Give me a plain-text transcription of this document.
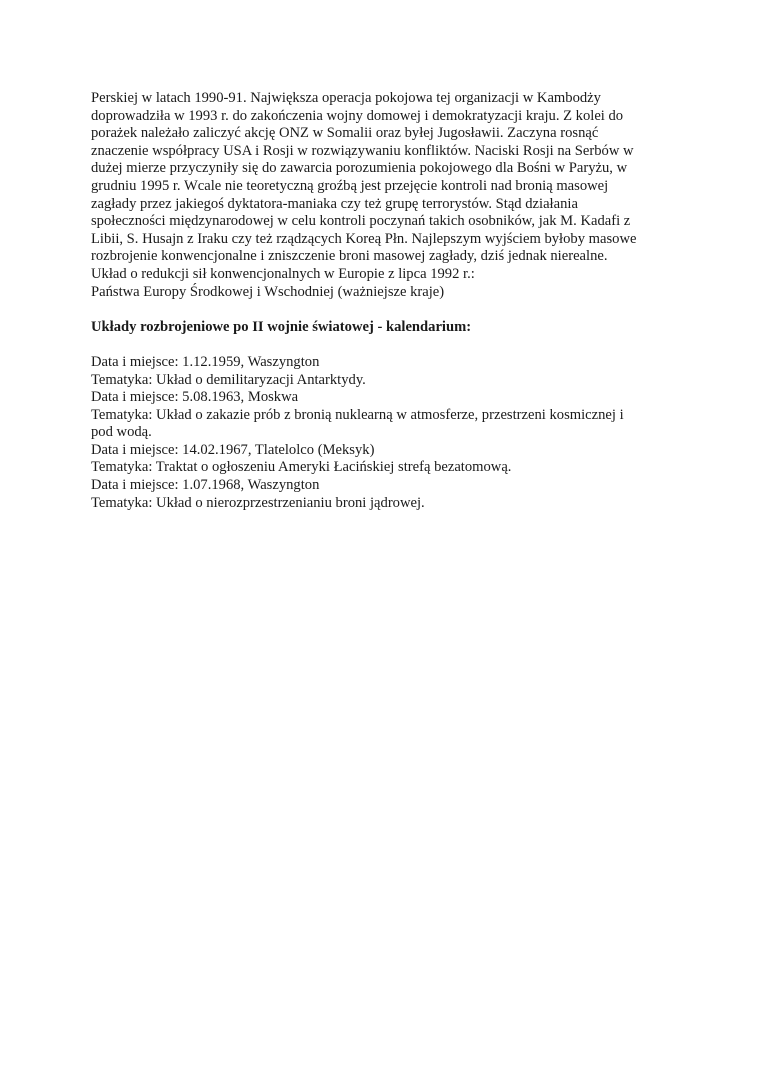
Perskiej w latach 1990-91. Największa operacja pokojowa tej organizacji w Kambodży
doprowadziła w 1993 r. do zakończenia wojny domowej i demokratyzacji kraju. Z kolei do
porażek należało zaliczyć akcję ONZ w Somalii oraz byłej Jugosławii. Zaczyna rosnąć
znaczenie współpracy USA i Rosji w rozwiązywaniu konfliktów. Naciski Rosji na Serbów w
dużej mierze przyczyniły się do zawarcia porozumienia pokojowego dla Bośni w Paryżu, w
grudniu 1995 r. Wcale nie teoretyczną groźbą jest przejęcie kontroli nad bronią masowej
zagłady przez jakiegoś dyktatora-maniaka czy też grupę terrorystów. Stąd działania
społeczności międzynarodowej w celu kontroli poczynań takich osobników, jak M. Kadafi z
Libii, S. Husajn z Iraku czy też rządzących Koreą Płn. Najlepszym wyjściem byłoby masowe
rozbrojenie konwencjonalne i zniszczenie broni masowej zagłady, dziś jednak nierealne.
Układ o redukcji sił konwencjonalnych w Europie z lipca 1992 r.:
Państwa Europy Środkowej i Wschodniej (ważniejsze kraje)
Układy rozbrojeniowe po II wojnie światowej - kalendarium:
Data i miejsce: 1.12.1959, Waszyngton
Tematyka: Układ o demilitaryzacji Antarktydy.
Data i miejsce: 5.08.1963, Moskwa
Tematyka: Układ o zakazie prób z bronią nuklearną w atmosferze, przestrzeni kosmicznej i
pod wodą.
Data i miejsce: 14.02.1967, Tlatelolco (Meksyk)
Tematyka: Traktat o ogłoszeniu Ameryki Łacińskiej strefą bezatomową.
Data i miejsce: 1.07.1968, Waszyngton
Tematyka: Układ o nierozprzestrzenianiu broni jądrowej.
